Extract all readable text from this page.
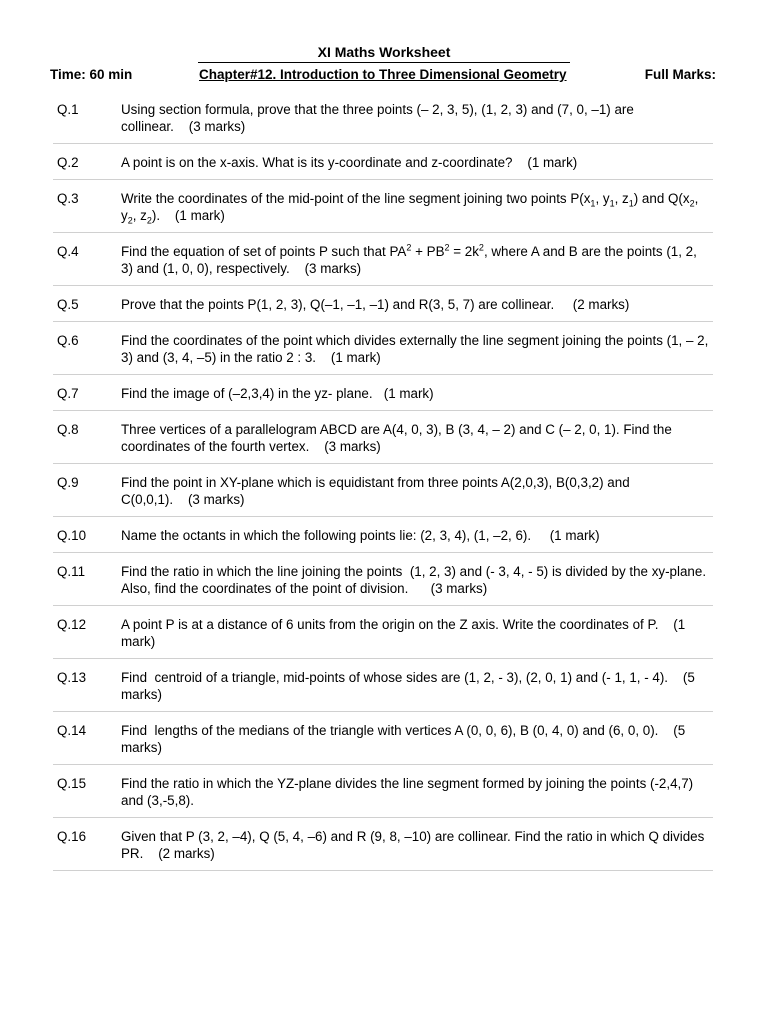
XI Maths Worksheet
Time: 60 min	Chapter#12. Introduction to Three Dimensional Geometry	Full Marks:
Q.1	Using section formula, prove that the three points (– 2, 3, 5), (1, 2, 3) and (7, 0, –1) are collinear.    (3 marks)
Q.2	A point is on the x-axis. What is its y-coordinate and z-coordinate?    (1 mark)
Q.3	Write the coordinates of the mid-point of the line segment joining two points $P(x_1$, $y_1$, $z_1$) and $Q(x_2$, $y_2$, $z_2$).    (1 mark)
Q.4	Find the equation of set of points P such that $PA^2 + PB^2 = 2k^2$, where A and B are the points (1, 2, 3) and (1, 0, 0), respectively.    (3 marks)
Q.5	Prove that the points P(1, 2, 3), Q(–1, –1, –1) and R(3, 5, 7) are collinear.     (2 marks)
Q.6	Find the coordinates of the point which divides externally the line segment joining the points (1, – 2, 3) and (3, 4, –5) in the ratio 2 : 3.    (1 mark)
Q.7	Find the image of (–2,3,4) in the yz- plane.   (1 mark)
Q.8	Three vertices of a parallelogram ABCD are A(4, 0, 3), B (3, 4, – 2) and C (– 2, 0, 1). Find the coordinates of the fourth vertex.    (3 marks)
Q.9	Find the point in XY-plane which is equidistant from three points A(2,0,3), B(0,3,2) and C(0,0,1).    (3 marks)
Q.10	Name the octants in which the following points lie: (2, 3, 4), (1, –2, 6).     (1 mark)
Q.11	Find the ratio in which the line joining the points  (1, 2, 3) and (- 3, 4, - 5) is divided by the xy-plane. Also, find the coordinates of the point of division.      (3 marks)
Q.12	A point P is at a distance of 6 units from the origin on the Z axis. Write the coordinates of P.    (1 mark)
Q.13	Find  centroid of a triangle, mid-points of whose sides are (1, 2, - 3), (2, 0, 1) and (- 1, 1, - 4).    (5 marks)
Q.14	Find  lengths of the medians of the triangle with vertices A (0, 0, 6), B (0, 4, 0) and (6, 0, 0).    (5 marks)
Q.15	Find the ratio in which the YZ-plane divides the line segment formed by joining the points (-2,4,7) and (3,-5,8).
Q.16	Given that P (3, 2, –4), Q (5, 4, –6) and R (9, 8, –10) are collinear. Find the ratio in which Q divides PR.    (2 marks)
